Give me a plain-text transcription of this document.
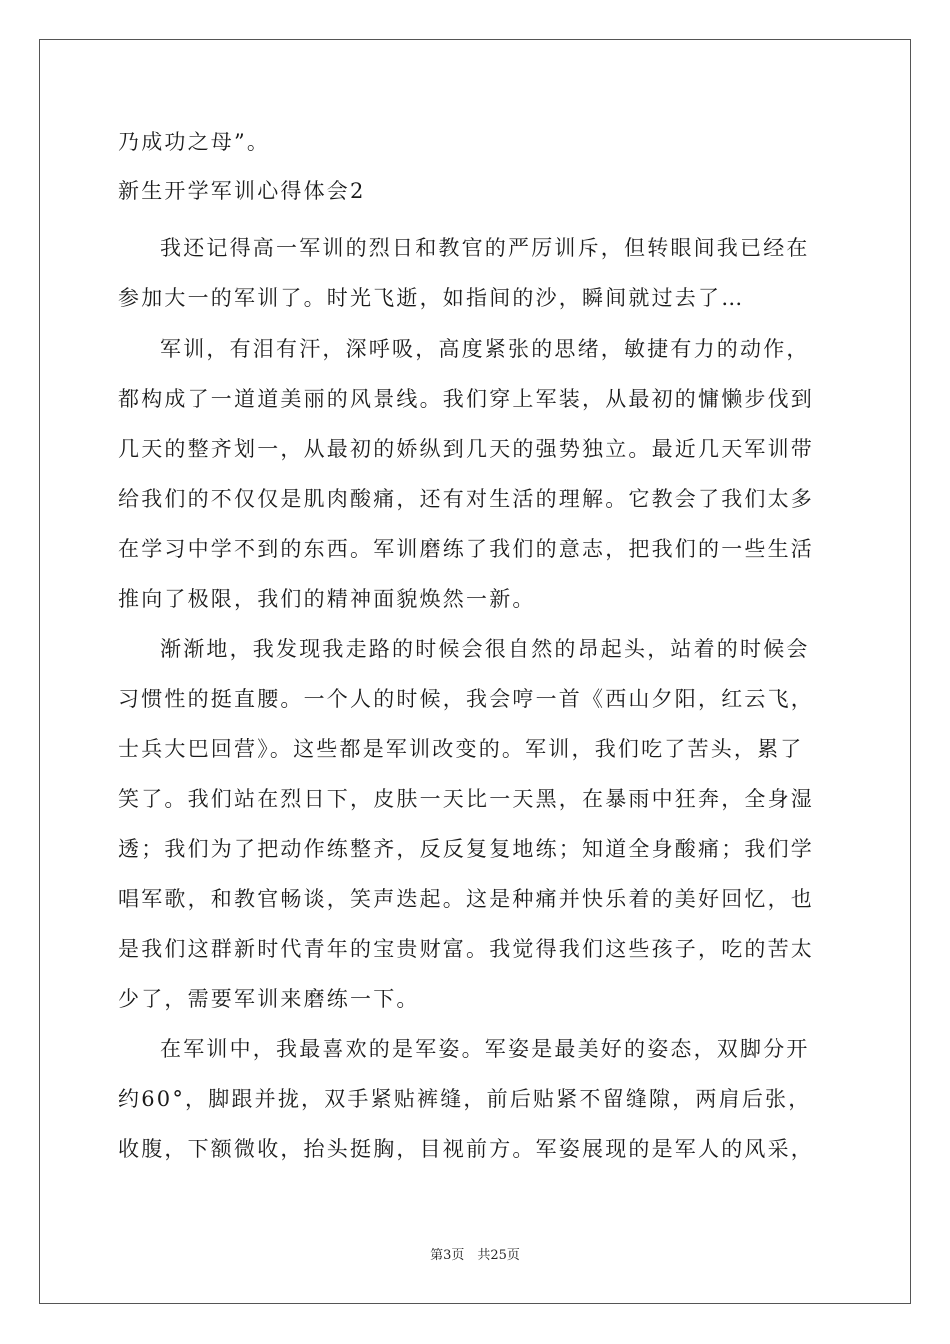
乃成功之母”。
新生开学军训心得体会2
我还记得高一军训的烈日和教官的严厉训斥，但转眼间我已经在
参加大一的军训了。时光飞逝，如指间的沙，瞬间就过去了…
军训，有泪有汗，深呼吸，高度紧张的思绪，敏捷有力的动作，
都构成了一道道美丽的风景线。我们穿上军装，从最初的慵懒步伐到
几天的整齐划一，从最初的娇纵到几天的强势独立。最近几天军训带
给我们的不仅仅是肌肉酸痛，还有对生活的理解。它教会了我们太多
在学习中学不到的东西。军训磨练了我们的意志，把我们的一些生活
推向了极限，我们的精神面貌焕然一新。
渐渐地，我发现我走路的时候会很自然的昂起头，站着的时候会
习惯性的挺直腰。一个人的时候，我会哼一首《西山夕阳，红云飞，
士兵大巴回营》。这些都是军训改变的。军训，我们吃了苦头，累了
笑了。我们站在烈日下，皮肤一天比一天黑，在暴雨中狂奔，全身湿
透；我们为了把动作练整齐，反反复复地练；知道全身酸痛；我们学
唱军歌，和教官畅谈，笑声迭起。这是种痛并快乐着的美好回忆，也
是我们这群新时代青年的宝贵财富。我觉得我们这些孩子，吃的苦太
少了，需要军训来磨练一下。
在军训中，我最喜欢的是军姿。军姿是最美好的姿态，双脚分开
约60°，脚跟并拢，双手紧贴裤缝，前后贴紧不留缝隙，两肩后张，
收腹，下额微收，抬头挺胸，目视前方。军姿展现的是军人的风采，
第3页　共25页
